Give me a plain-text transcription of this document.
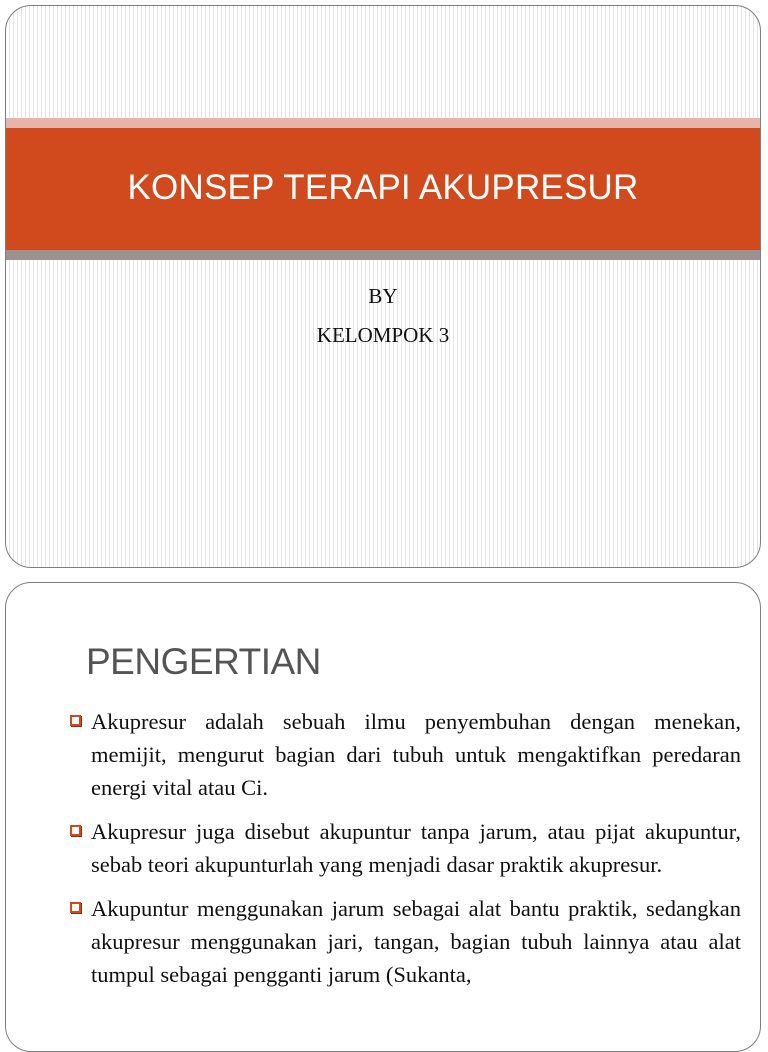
KONSEP TERAPI AKUPRESUR
BY
KELOMPOK 3
PENGERTIAN
Akupresur adalah sebuah ilmu penyembuhan dengan menekan, memijit, mengurut bagian dari tubuh untuk mengaktifkan peredaran energi vital atau Ci.
Akupresur juga disebut akupuntur tanpa jarum, atau pijat akupuntur, sebab teori akupunturlah yang menjadi dasar praktik akupresur.
Akupuntur menggunakan jarum sebagai alat bantu praktik, sedangkan akupresur menggunakan jari, tangan, bagian tubuh lainnya atau alat tumpul sebagai pengganti jarum (Sukanta,
